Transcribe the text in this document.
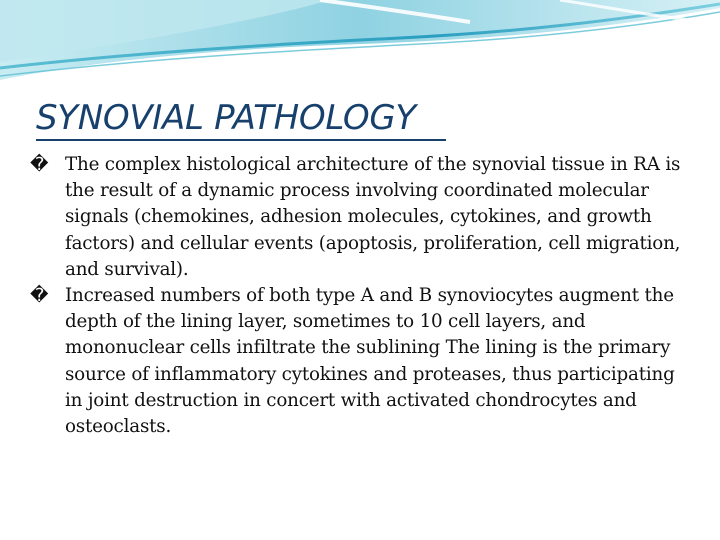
SYNOVIAL PATHOLOGY
� The complex histological architecture of the synovial tissue in RA is the result of a dynamic process involving coordinated molecular signals (chemokines, adhesion molecules, cytokines, and growth factors) and cellular events (apoptosis, proliferation, cell migration, and survival).
� Increased numbers of both type A and B synoviocytes augment the depth of the lining layer, sometimes to 10 cell layers, and mononuclear cells infiltrate the sublining The lining is the primary source of inflammatory cytokines and proteases, thus participating in joint destruction in concert with activated chondrocytes and osteoclasts.
